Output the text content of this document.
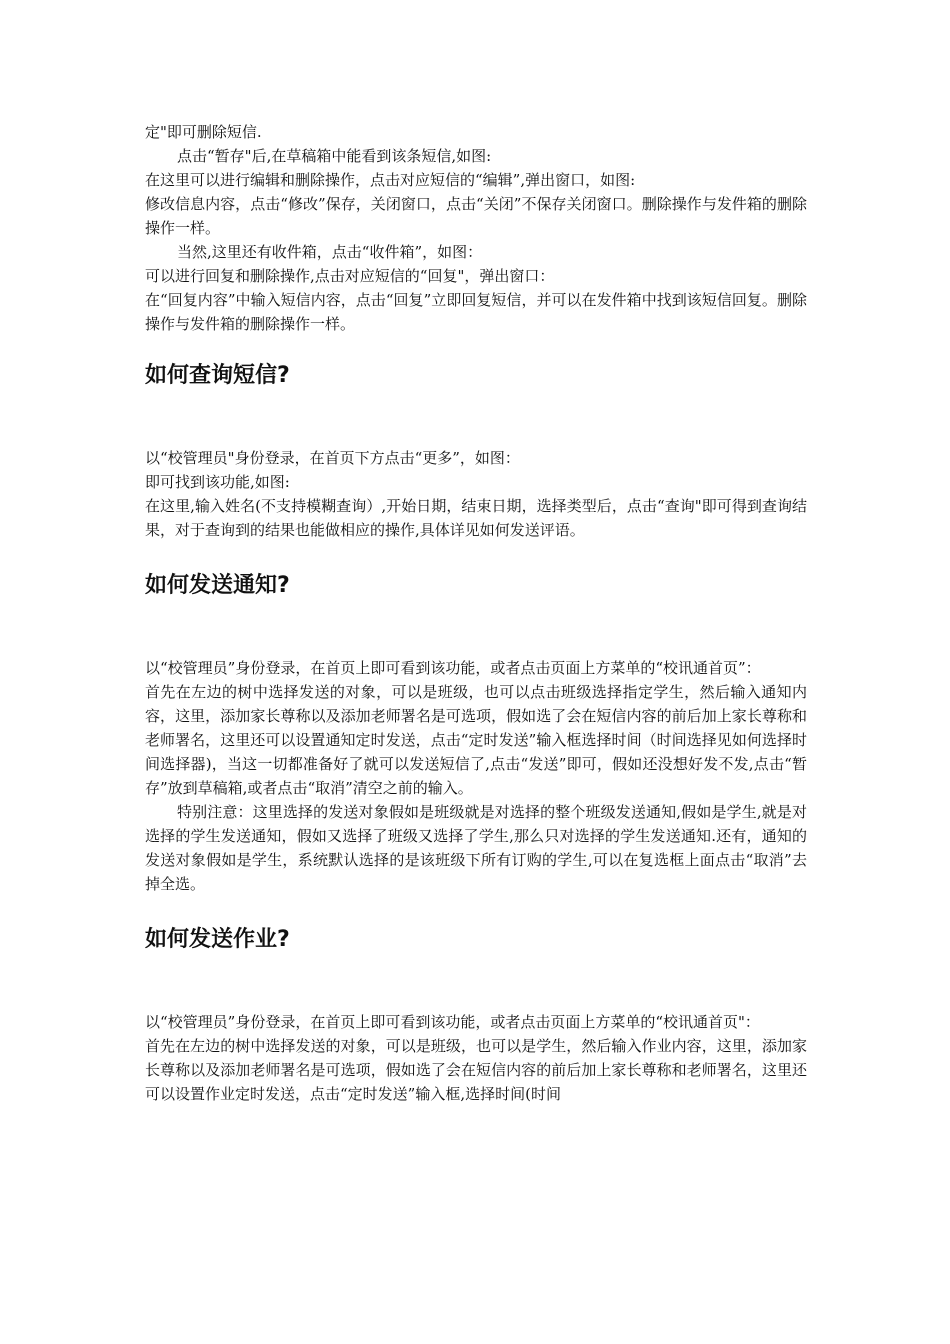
定"即可删除短信.

点击“暂存"后,在草稿箱中能看到该条短信,如图:

在这里可以进行编辑和删除操作，点击对应短信的“编辑”,弹出窗口，如图:

修改信息内容，点击“修改”保存，关闭窗口，点击“关闭”不保存关闭窗口。删除操作与发件箱的删除操作一样。

当然,这里还有收件箱，点击“收件箱”，如图：

可以进行回复和删除操作,点击对应短信的“回复"，弹出窗口：

在“回复内容”中输入短信内容，点击“回复”立即回复短信，并可以在发件箱中找到该短信回复。删除操作与发件箱的删除操作一样。

如何查询短信?

以“校管理员"身份登录，在首页下方点击“更多”，如图：

即可找到该功能,如图:

在这里,输入姓名(不支持模糊查询）,开始日期，结束日期，选择类型后，点击“查询"即可得到查询结果，对于查询到的结果也能做相应的操作,具体详见如何发送评语。

如何发送通知?

以“校管理员”身份登录，在首页上即可看到该功能，或者点击页面上方菜单的“校讯通首页”：

首先在左边的树中选择发送的对象，可以是班级，也可以点击班级选择指定学生，然后输入通知内容，这里，添加家长尊称以及添加老师署名是可选项，假如选了会在短信内容的前后加上家长尊称和老师署名，这里还可以设置通知定时发送，点击“定时发送”输入框选择时间（时间选择见如何选择时间选择器)，当这一切都准备好了就可以发送短信了,点击“发送”即可，假如还没想好发不发,点击“暂存”放到草稿箱,或者点击“取消”清空之前的输入。

特别注意：这里选择的发送对象假如是班级就是对选择的整个班级发送通知,假如是学生,就是对选择的学生发送通知，假如又选择了班级又选择了学生,那么只对选择的学生发送通知.还有，通知的发送对象假如是学生，系统默认选择的是该班级下所有订购的学生,可以在复选框上面点击“取消”去掉全选。

如何发送作业?

以“校管理员”身份登录，在首页上即可看到该功能，或者点击页面上方菜单的“校讯通首页"：

首先在左边的树中选择发送的对象，可以是班级，也可以是学生，然后输入作业内容，这里，添加家长尊称以及添加老师署名是可选项，假如选了会在短信内容的前后加上家长尊称和老师署名，这里还可以设置作业定时发送，点击“定时发送”输入框,选择时间(时间
